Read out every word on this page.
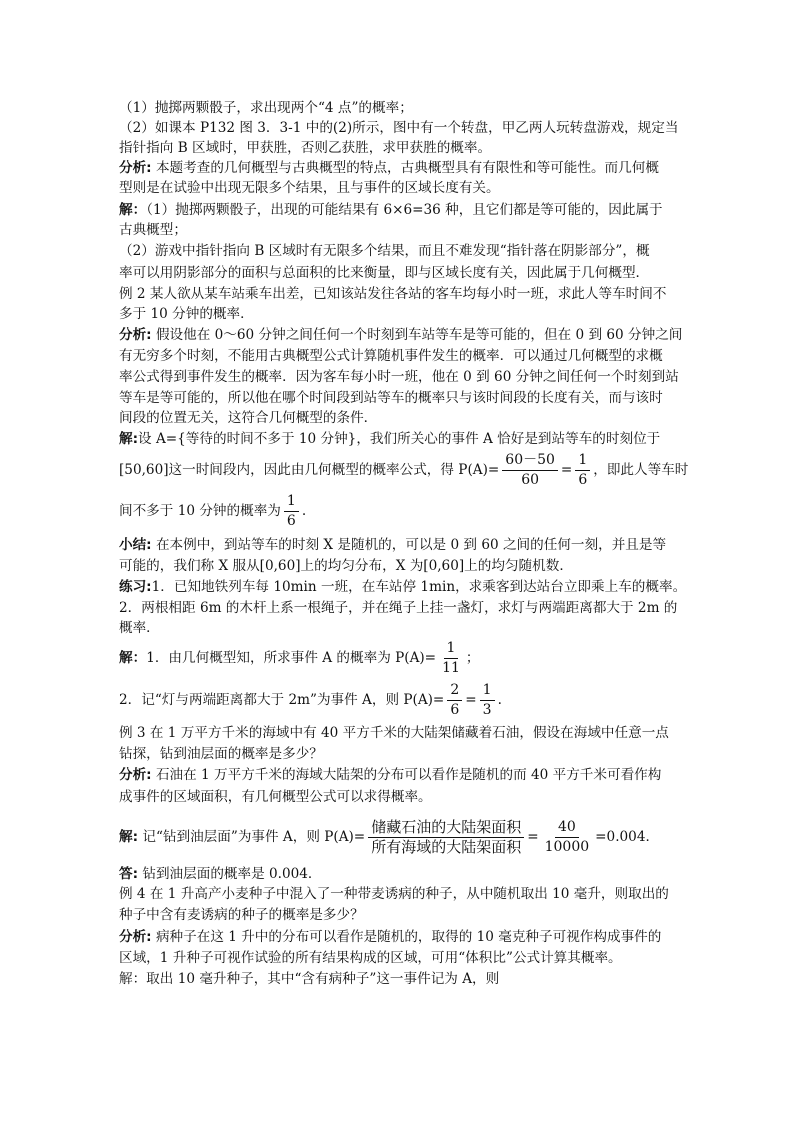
（1）抛掷两颗骰子，求出现两个“4 点”的概率；
（2）如课本 P132 图 3．3-1 中的(2)所示，图中有一个转盘，甲乙两人玩转盘游戏，规定当
指针指向 B 区域时，甲获胜，否则乙获胜，求甲获胜的概率。
分析: 本题考查的几何概型与古典概型的特点，古典概型具有有限性和等可能性。而几何概
型则是在试验中出现无限多个结果，且与事件的区域长度有关。
解：（1）抛掷两颗骰子，出现的可能结果有 6×6=36 种，且它们都是等可能的，因此属于
古典概型；
（2）游戏中指针指向 B 区域时有无限多个结果，而且不难发现“指针落在阴影部分”，概
率可以用阴影部分的面积与总面积的比来衡量，即与区域长度有关，因此属于几何概型．
例 2 某人欲从某车站乘车出差，已知该站发往各站的客车均每小时一班，求此人等车时间不
多于 10 分钟的概率．
分析: 假设他在 0～60 分钟之间任何一个时刻到车站等车是等可能的，但在 0 到 60 分钟之间
有无穷多个时刻，不能用古典概型公式计算随机事件发生的概率．可以通过几何概型的求概
率公式得到事件发生的概率．因为客车每小时一班，他在 0 到 60 分钟之间任何一个时刻到站
等车是等可能的，所以他在哪个时间段到站等车的概率只与该时间段的长度有关，而与该时
间段的位置无关，这符合几何概型的条件．
解:设 A={等待的时间不多于 10 分钟}，我们所关心的事件 A 恰好是到站等车的时刻位于
[50,60]这一时间段内，因此由几何概型的概率公式，得 $P(A)= \frac{60-50}{60} = \frac{1}{6}$ ，即此人等车时
间不多于 10 分钟的概率为 $\frac{1}{6}$ .
小结: 在本例中，到站等车的时刻 X 是随机的，可以是 0 到 60 之间的任何一刻，并且是等
可能的，我们称 X 服从[0,60]上的均匀分布，X 为[0,60]上的均匀随机数．
练习:1．已知地铁列车每 10min 一班，在车站停 1min，求乘客到达站台立即乘上车的概率。
2．两根相距 6m 的木杆上系一根绳子，并在绳子上挂一盏灯，求灯与两端距离都大于 2m 的
概率．
解：1．由几何概型知，所求事件 A 的概率为 $P(A)= \frac{1}{11}$ ；
2．记“灯与两端距离都大于 2m”为事件 A，则 $P(A)= \frac{2}{6} = \frac{1}{3}$ .
例 3 在 1 万平方千米的海域中有 40 平方千米的大陆架储藏着石油，假设在海域中任意一点
钻探，钻到油层面的概率是多少？
分析: 石油在 1 万平方千米的海域大陆架的分布可以看作是随机的而 40 平方千米可看作构
成事件的区域面积，有几何概型公式可以求得概率。
解: 记“钻到油层面”为事件 A，则 $P(A)= \frac{\text{储藏石油的大陆架面积}}{\text{所有海域的大陆架面积}} = \frac{40}{10000} =0.004$．
答: 钻到油层面的概率是 0.004．
例 4 在 1 升高产小麦种子中混入了一种带麦诱病的种子，从中随机取出 10 毫升，则取出的
种子中含有麦诱病的种子的概率是多少？
分析: 病种子在这 1 升中的分布可以看作是随机的，取得的 10 毫克种子可视作构成事件的
区域，1 升种子可视作试验的所有结果构成的区域，可用“体积比”公式计算其概率。
解：取出 10 毫升种子，其中“含有病种子”这一事件记为 A，则
